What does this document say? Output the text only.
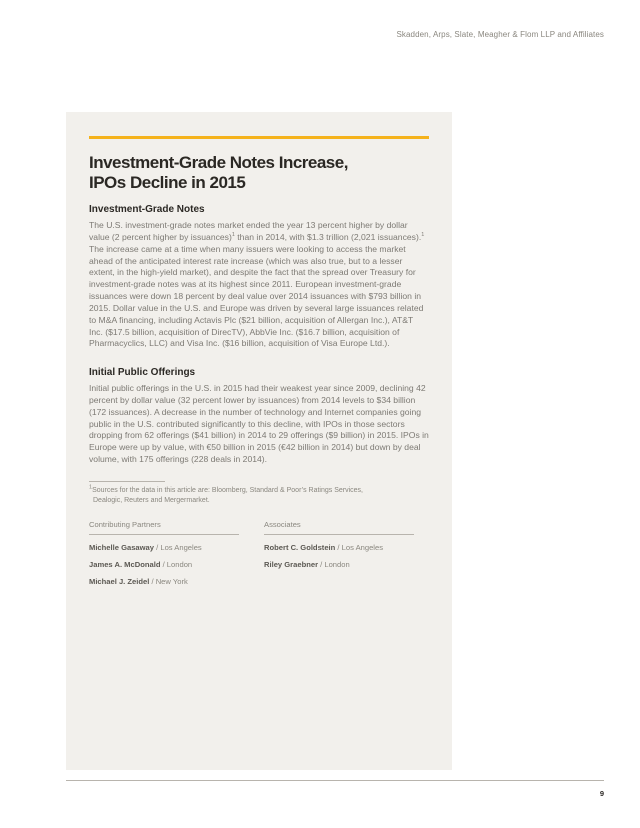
Skadden, Arps, Slate, Meagher & Flom LLP and Affiliates
Investment-Grade Notes Increase,
IPOs Decline in 2015
Investment-Grade Notes

The U.S. investment-grade notes market ended the year 13 percent higher by dollar value (2 percent higher by issuances)$^1$ than in 2014, with $1.3 trillion (2,021 issuances).$^1$ The increase came at a time when many issuers were looking to access the market ahead of the anticipated interest rate increase (which was also true, but to a lesser extent, in the high-yield market), and despite the fact that the spread over Treasury for investment-grade notes was at its highest since 2011. European investment-grade issuances were down 18 percent by deal value over 2014 issuances with $793 billion in 2015. Dollar value in the U.S. and Europe was driven by several large issuances related to M&A financing, including Actavis Plc ($21 billion, acquisition of Allergan Inc.), AT&T Inc. ($17.5 billion, acquisition of DirecTV), AbbVie Inc. ($16.7 billion, acquisition of Pharmacyclics, LLC) and Visa Inc. ($16 billion, acquisition of Visa Europe Ltd.).

Initial Public Offerings

Initial public offerings in the U.S. in 2015 had their weakest year since 2009, declining 42 percent by dollar value (32 percent lower by issuances) from 2014 levels to $34 billion (172 issuances). A decrease in the number of technology and Internet companies going public in the U.S. contributed significantly to this decline, with IPOs in those sectors dropping from 62 offerings ($41 billion) in 2014 to 29 offerings ($9 billion) in 2015. IPOs in Europe were up by value, with €50 billion in 2015 (€42 billion in 2014) but down by deal volume, with 175 offerings (228 deals in 2014).

$^1$Sources for the data in this article are: Bloomberg, Standard & Poor’s Ratings Services,
Dealogic, Reuters and Mergermarket.

Contributing Partners
Michelle Gasaway / Los Angeles
James A. McDonald / London
Michael J. Zeidel / New York
Associates
Robert C. Goldstein / Los Angeles
Riley Graebner / London
9
